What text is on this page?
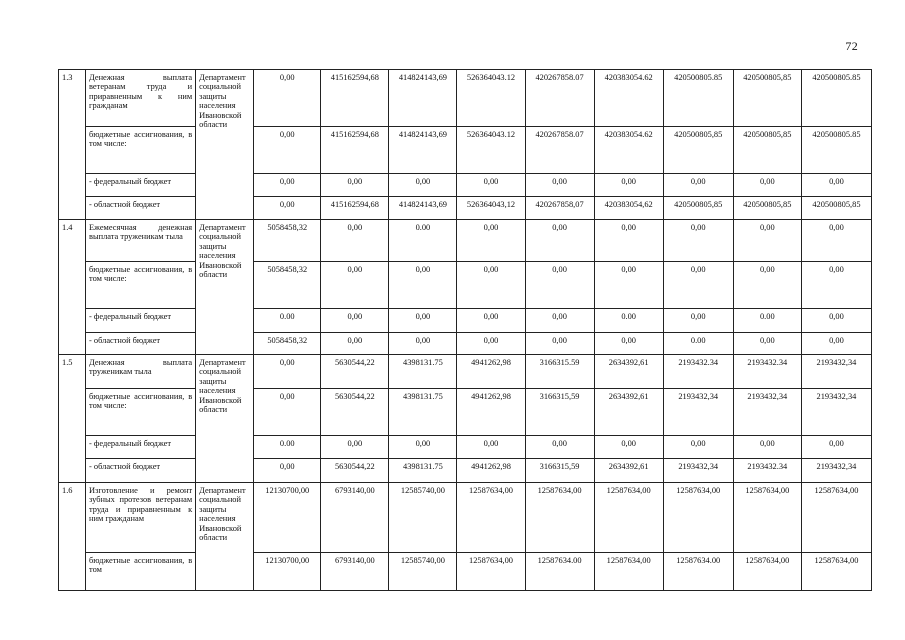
72
1.3	Денежная выплата ветеранам труда и приравненным к ним гражданам	Департамент социальной защиты населения Ивановской области	0,00	415162594,68	414824143,69	526364043.12	420267858.07	420383054.62	420500805.85	420500805,85	420500805.85
	бюджетные ассигнования, в том числе:		0,00	415162594,68	414824143,69	526364043.12	420267858.07	420383054.62	420500805,85	420500805,85	420500805.85
	- федеральный бюджет		0,00	0,00	0,00	0,00	0,00	0,00	0,00	0,00	0,00
	- областной бюджет		0,00	415162594,68	414824143,69	526364043,12	420267858,07	420383054,62	420500805,85	420500805,85	420500805,85
1.4	Ежемесячная денежная выплата труженикам тыла	Департамент социальной защиты населения Ивановской области	5058458,32	0,00	0.00	0,00	0,00	0,00	0,00	0,00	0,00
	бюджетные ассигнования, в том числе:		5058458,32	0,00	0,00	0,00	0,00	0,00	0,00	0,00	0,00
	- федеральный бюджет		0.00	0,00	0,00	0,00	0,00	0.00	0,00	0.00	0,00
	- областной бюджет		5058458,32	0,00	0,00	0,00	0,00	0,00	0.00	0,00	0,00
1.5	Денежная выплата труженикам тыла	Департамент социальной защиты населения Ивановской области	0,00	5630544,22	4398131.75	4941262,98	3166315.59	2634392,61	2193432.34	2193432.34	2193432,34
	бюджетные ассигнования, в том числе:		0,00	5630544,22	4398131.75	4941262,98	3166315,59	2634392,61	2193432,34	2193432,34	2193432,34
	- федеральный бюджет		0.00	0,00	0,00	0,00	0,00	0,00	0,00	0,00	0,00
	- областной бюджет		0,00	5630544,22	4398131.75	4941262,98	3166315,59	2634392,61	2193432,34	2193432.34	2193432,34
1.6	Изготовление и ремонт зубных протезов ветеранам труда и приравненным к ним гражданам	Департамент социальной защиты населения Ивановской области	12130700,00	6793140,00	12585740,00	12587634,00	12587634,00	12587634,00	12587634,00	12587634,00	12587634,00
	бюджетные ассигнования, в том		12130700,00	6793140,00	12585740,00	12587634,00	12587634.00	12587634,00	12587634.00	12587634,00	12587634,00
